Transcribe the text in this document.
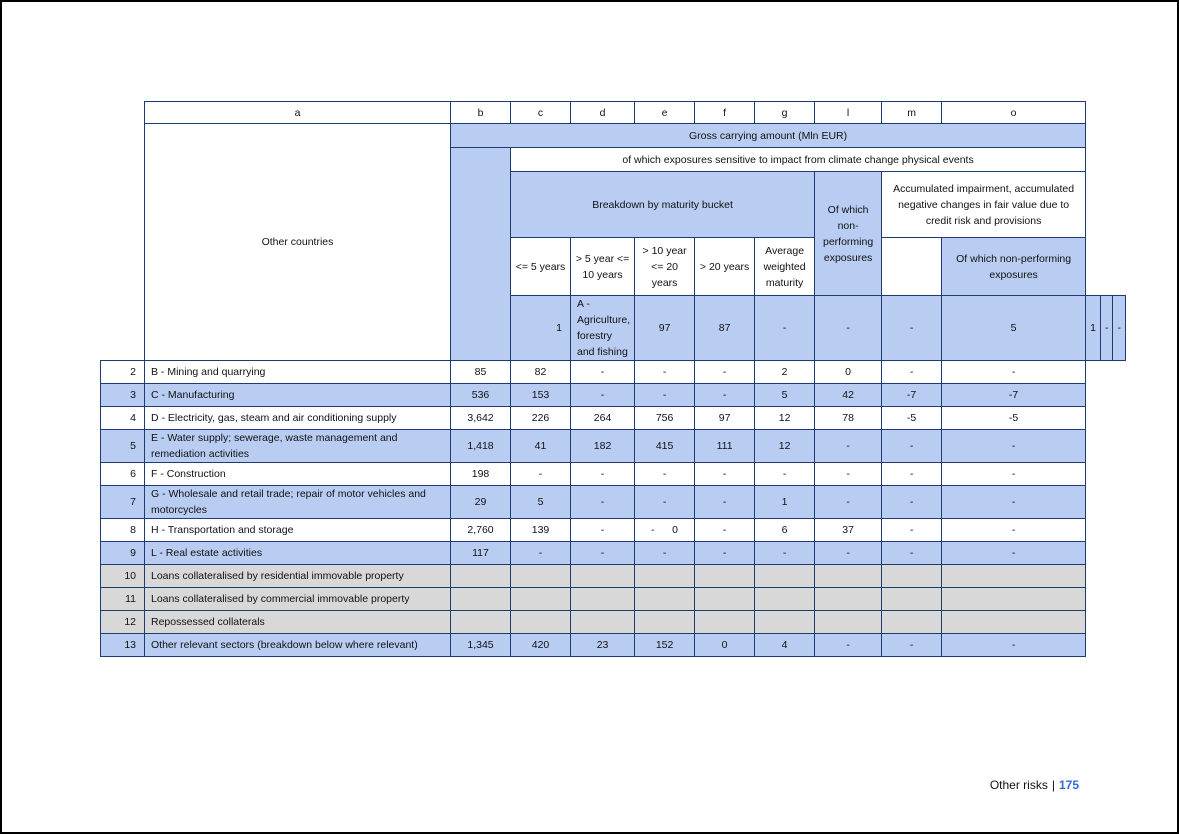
	a	b	c	d	e	f	g	l	m	o			
	Other countries	Gross carrying amount (Mln EUR)											
			of which exposures sensitive to impact from climate change physical events										
			Breakdown by maturity bucket					Of which non-performing exposures	Accumulated impairment, accumulated negative changes in fair value due to credit risk and provisions				
			<= 5 years	> 5 year <= 10 years	> 10 year <= 20 years	> 20 years	Average weighted maturity			Of which non-performing exposures			
			1	A - Agriculture, forestry and fishing	97	87	-	-	-	5	1	-	-
2	B - Mining and quarrying	85	82	-	-	-	2	0	-	-			
3	C - Manufacturing	536	153	-	-	-	5	42	-7	-7			
4	D - Electricity, gas, steam and air conditioning supply	3,642	226	264	756	97	12	78	-5	-5			
5	E - Water supply; sewerage, waste management and remediation activities	1,418	41	182	415	111	12	-	-	-			
6	F - Construction	198	-	-	-	-	-	-	-	-			
7	G - Wholesale and retail trade; repair of motor vehicles and motorcycles	29	5	-	-	-	1	-	-	-			
8	H - Transportation and storage	2,760	139	-	-      0	-	6	37	-	-			
9	L - Real estate activities	117	-	-	-	-	-	-	-	-			
10	Loans collateralised by residential immovable property												
11	Loans collateralised by commercial immovable property												
12	Repossessed collaterals												
13	Other relevant sectors (breakdown below where relevant)	1,345	420	23	152	0	4	-	-	-			
Other risks | 175
